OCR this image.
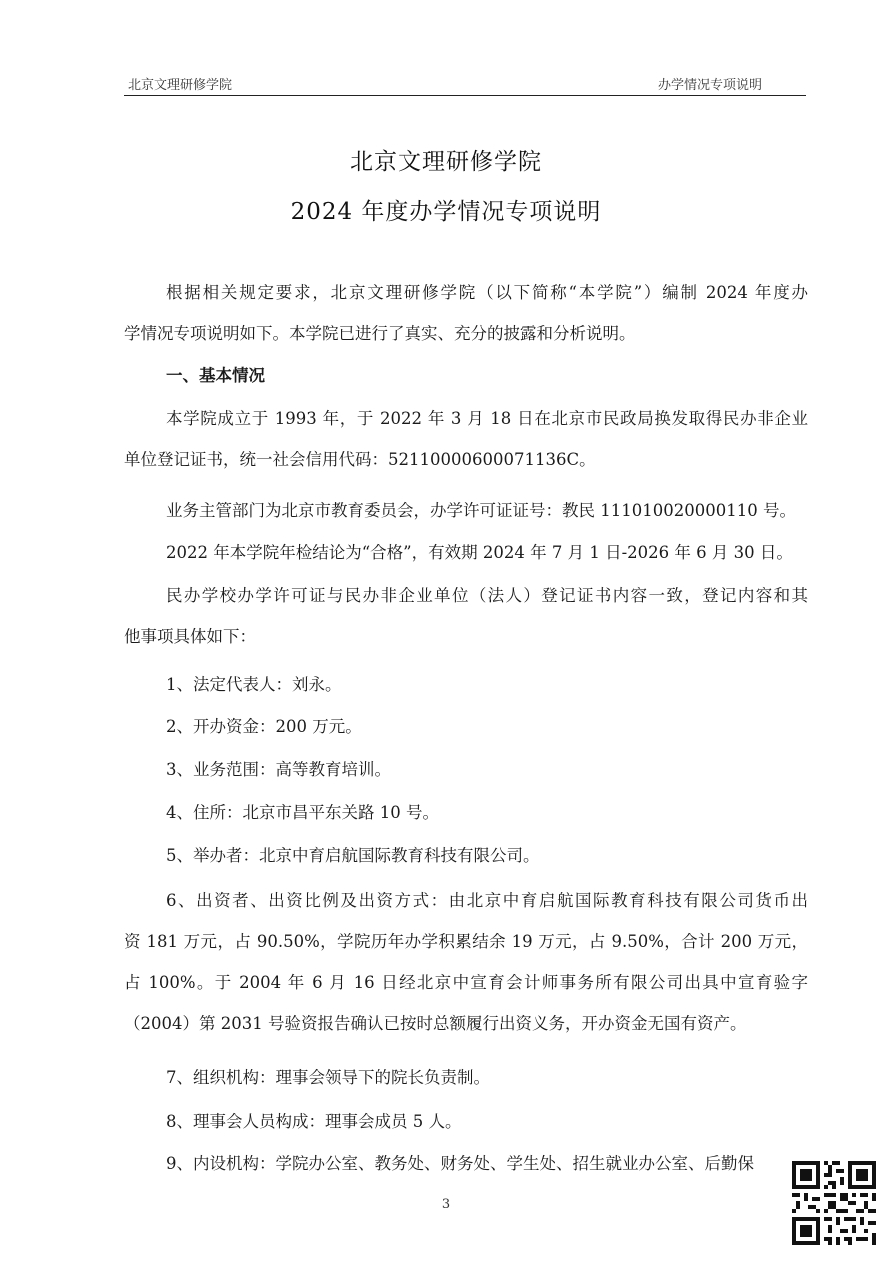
北京文理研修学院	办学情况专项说明
北京文理研修学院
2024 年度办学情况专项说明
根据相关规定要求，北京文理研修学院（以下简称“本学院”）编制 2024 年度办
学情况专项说明如下。本学院已进行了真实、充分的披露和分析说明。
一、基本情况
本学院成立于 1993 年，于 2022 年 3 月 18 日在北京市民政局换发取得民办非企业
单位登记证书，统一社会信用代码：52110000600071136C。
业务主管部门为北京市教育委员会，办学许可证证号：教民 111010020000110 号。
2022 年本学院年检结论为“合格”，有效期 2024 年 7 月 1 日-2026 年 6 月 30 日。
民办学校办学许可证与民办非企业单位（法人）登记证书内容一致，登记内容和其
他事项具体如下：
1、法定代表人：刘永。
2、开办资金：200 万元。
3、业务范围：高等教育培训。
4、住所：北京市昌平东关路 10 号。
5、举办者：北京中育启航国际教育科技有限公司。
6、出资者、出资比例及出资方式：由北京中育启航国际教育科技有限公司货币出
资 181 万元，占 90.50%，学院历年办学积累结余 19 万元，占 9.50%，合计 200 万元，
占 100%。于 2004 年 6 月 16 日经北京中宣育会计师事务所有限公司出具中宣育验字
（2004）第 2031 号验资报告确认已按时总额履行出资义务，开办资金无国有资产。
7、组织机构：理事会领导下的院长负责制。
8、理事会人员构成：理事会成员 5 人。
9、内设机构：学院办公室、教务处、财务处、学生处、招生就业办公室、后勤保
3
